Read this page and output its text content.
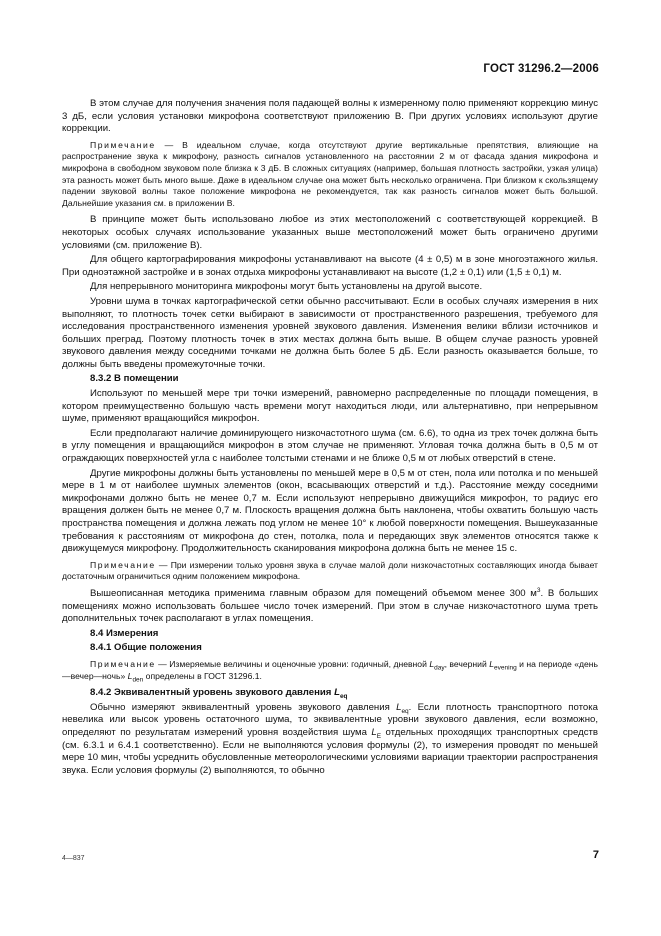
ГОСТ 31296.2—2006

В этом случае для получения значения поля падающей волны к измеренному полю применяют коррекцию минус 3 дБ, если условия установки микрофона соответствуют приложению В. При других условиях используют другие коррекции.

Примечание — В идеальном случае, когда отсутствуют другие вертикальные препятствия, влияющие на распространение звука к микрофону, разность сигналов установленного на расстоянии 2 м от фасада здания микрофона и микрофона в свободном звуковом поле близка к 3 дБ. В сложных ситуациях (например, большая плотность застройки, узкая улица) эта разность может быть много выше. Даже в идеальном случае она может быть несколько ограничена. При близком к скользящему падении звуковой волны такое положение микрофона не рекомендуется, так как разность сигналов может быть большой. Дальнейшие указания см. в приложении В.

В принципе может быть использовано любое из этих местоположений с соответствующей коррекцией. В некоторых особых случаях использование указанных выше местоположений может быть ограничено другими условиями (см. приложение В).

Для общего картографирования микрофоны устанавливают на высоте (4 ± 0,5) м в зоне многоэтажного жилья. При одноэтажной застройке и в зонах отдыха микрофоны устанавливают на высоте (1,2 ± 0,1) или (1,5 ± 0,1) м.

Для непрерывного мониторинга микрофоны могут быть установлены на другой высоте.

Уровни шума в точках картографической сетки обычно рассчитывают. Если в особых случаях измерения в них выполняют, то плотность точек сетки выбирают в зависимости от пространственного разрешения, требуемого для исследования пространственного изменения уровней звукового давления. Изменения велики вблизи источников и больших преград. Поэтому плотность точек в этих местах должна быть выше. В общем случае разность уровней звукового давления между соседними точками не должна быть более 5 дБ. Если разность оказывается больше, то должны быть введены промежуточные точки.

8.3.2 В помещении

Используют по меньшей мере три точки измерений, равномерно распределенные по площади помещения, в котором преимущественно большую часть времени могут находиться люди, или альтернативно, при непрерывном шуме, применяют вращающийся микрофон.

Если предполагают наличие доминирующего низкочастотного шума (см. 6.6), то одна из трех точек должна быть в углу помещения и вращающийся микрофон в этом случае не применяют. Угловая точка должна быть в 0,5 м от ограждающих поверхностей угла с наиболее толстыми стенами и не ближе 0,5 м от любых отверстий в стене.

Другие микрофоны должны быть установлены по меньшей мере в 0,5 м от стен, пола или потолка и по меньшей мере в 1 м от наиболее шумных элементов (окон, всасывающих отверстий и т.д.). Расстояние между соседними микрофонами должно быть не менее 0,7 м. Если используют непрерывно движущийся микрофон, то радиус его вращения должен быть не менее 0,7 м. Плоскость вращения должна быть наклонена, чтобы охватить большую часть пространства помещения и должна лежать под углом не менее 10° к любой поверхности помещения. Вышеуказанные требования к расстояниям от микрофона до стен, потолка, пола и передающих звук элементов относятся также к движущемуся микрофону. Продолжительность сканирования микрофона должна быть не менее 15 с.

Примечание — При измерении только уровня звука в случае малой доли низкочастотных составляющих иногда бывает достаточным ограничиться одним положением микрофона.

Вышеописанная методика применима главным образом для помещений объемом менее 300 $м^3$. В больших помещениях можно использовать большее число точек измерений. При этом в случае низкочастотного шума треть дополнительных точек располагают в углах помещения.

8.4 Измерения

8.4.1 Общие положения

Примечание — Измеряемые величины и оценочные уровни: годичный, дневной $L_{day}$, вечерний $L_{evening}$ и на периоде «день—вечер—ночь» $L_{den}$ определены в ГОСТ 31296.1.

8.4.2 Эквивалентный уровень звукового давления $L_{eq}$

Обычно измеряют эквивалентный уровень звукового давления $L_{eq}$. Если плотность транспортного потока невелика или высок уровень остаточного шума, то эквивалентные уровни звукового давления, если возможно, определяют по результатам измерений уровня воздействия шума $L_E$ отдельных проходящих транспортных средств (см. 6.3.1 и 6.4.1 соответственно). Если не выполняются условия формулы (2), то измерения проводят по меньшей мере 10 мин, чтобы усреднить обусловленные метеорологическими условиями вариации траектории распространения звука. Если условия формулы (2) выполняются, то обычно

4—837	7
